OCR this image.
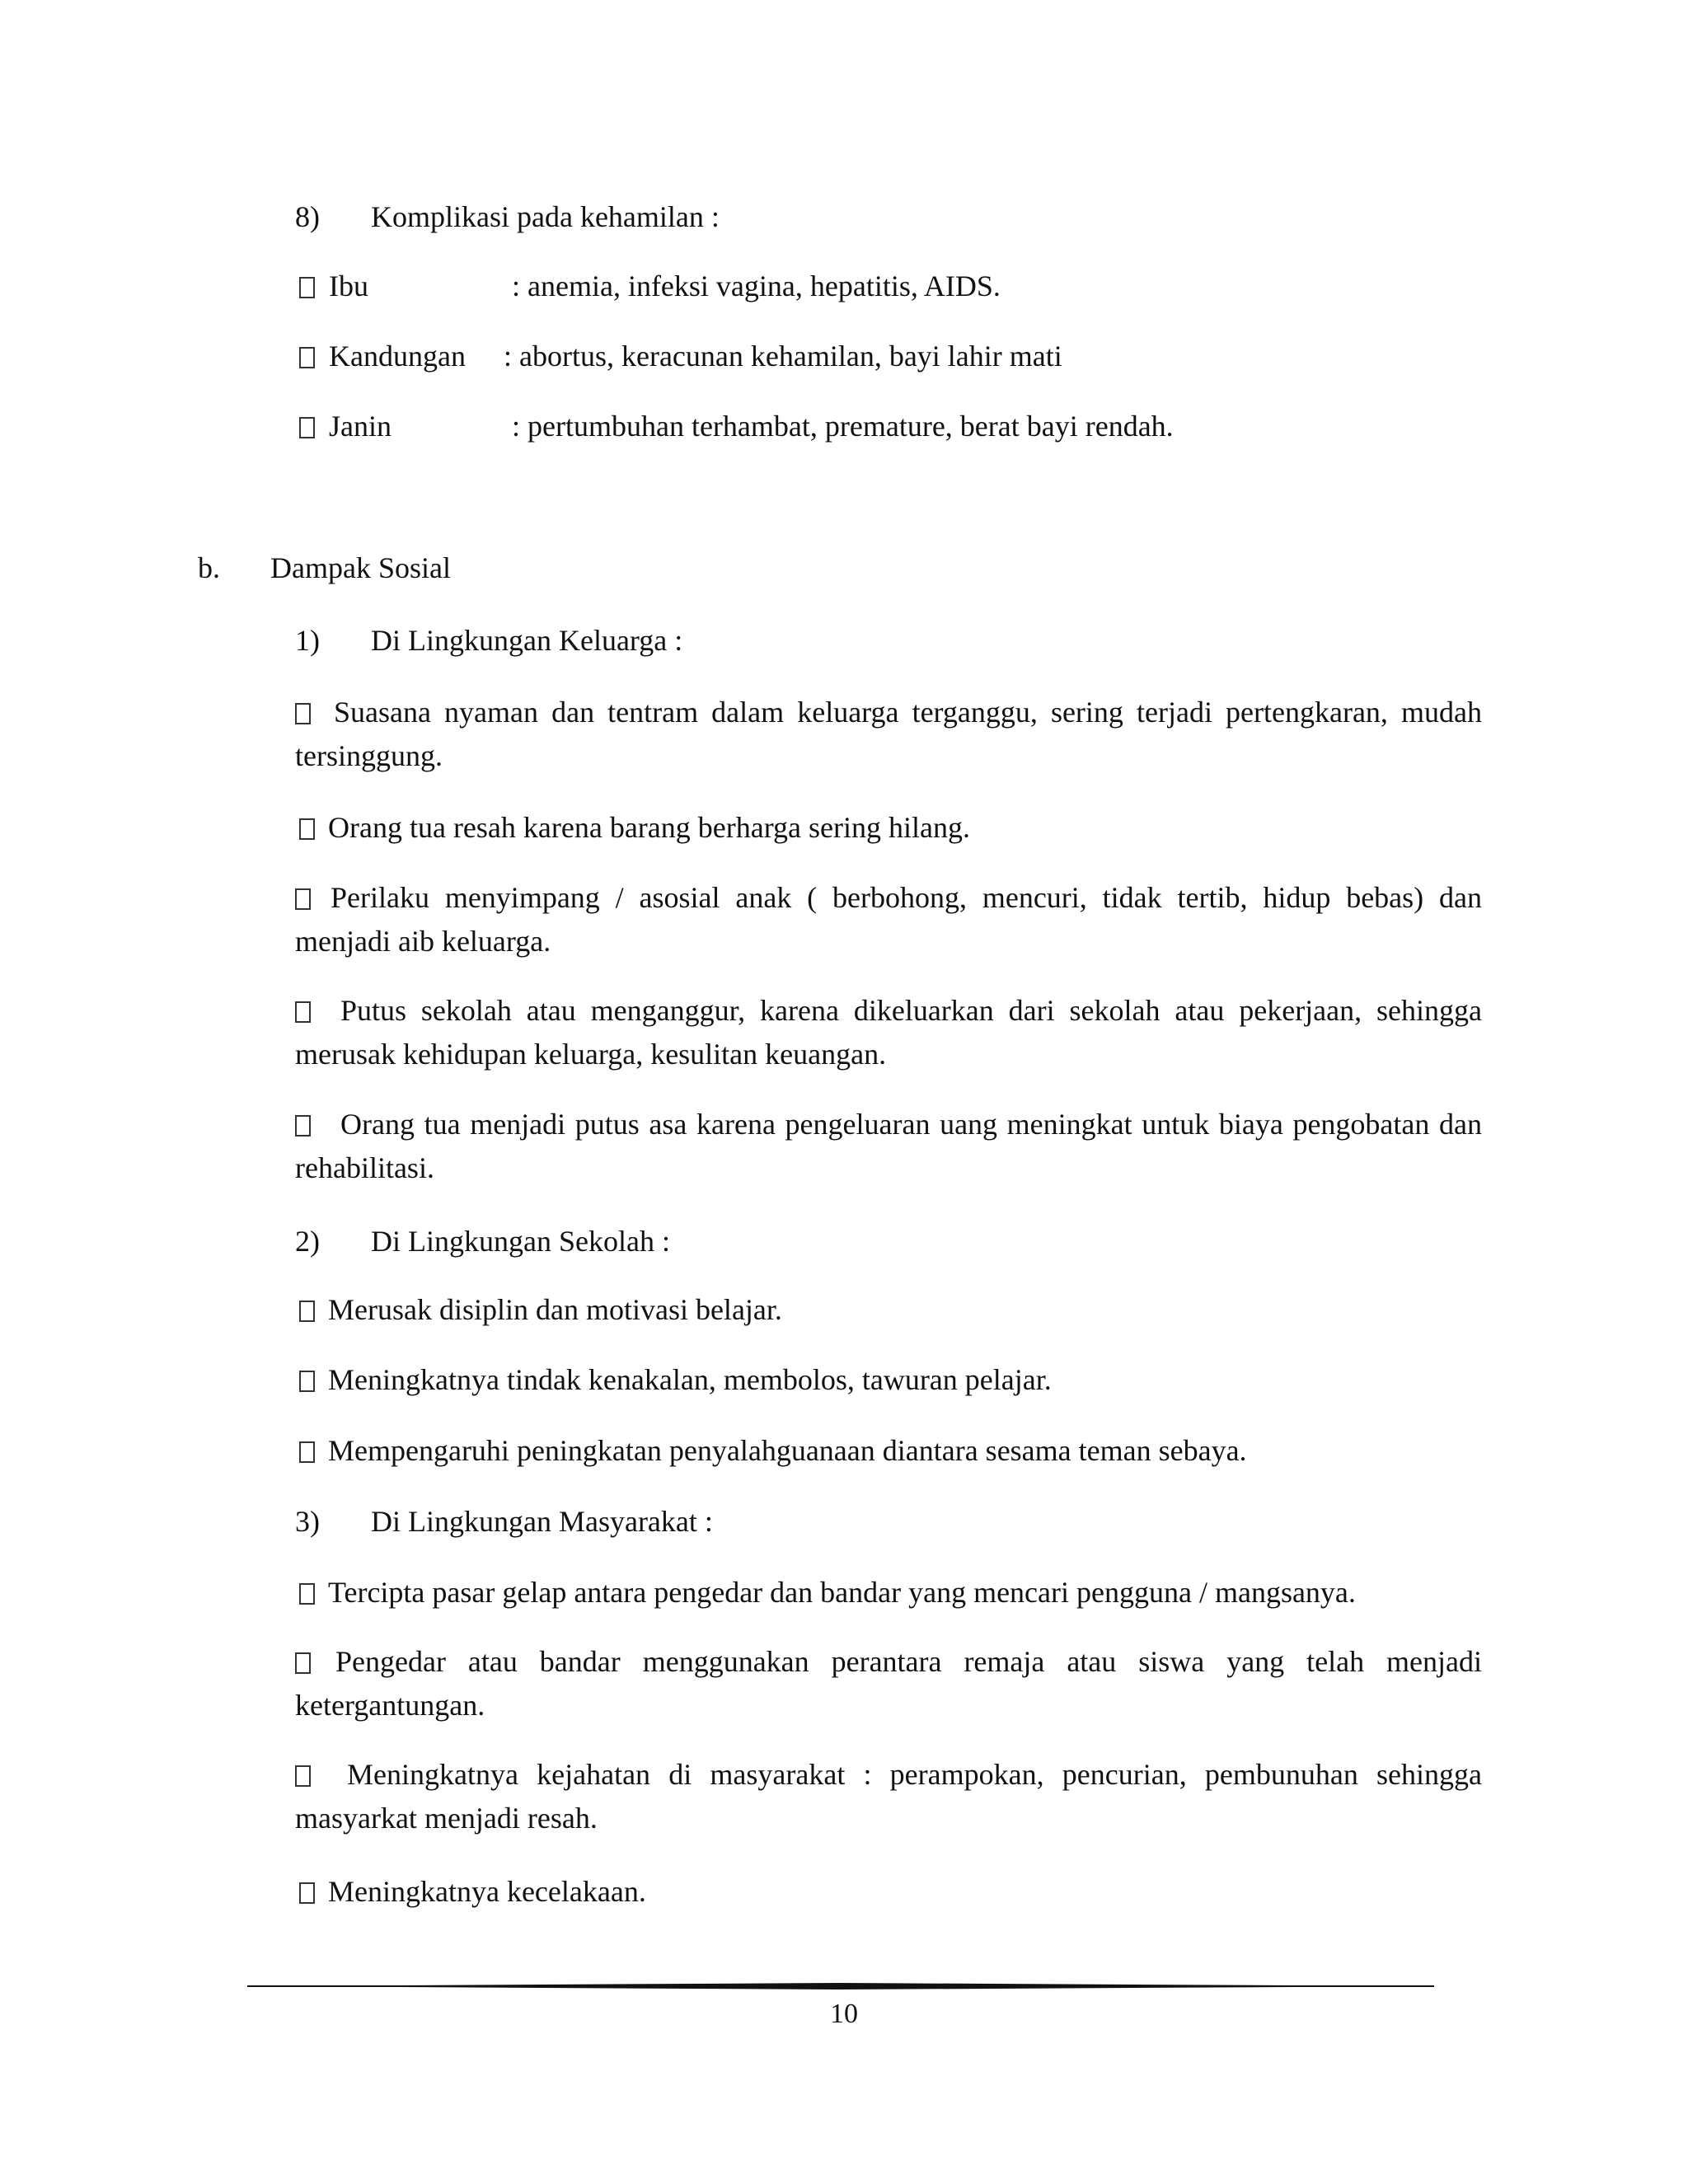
8) Komplikasi pada kehamilan :
Ibu	: anemia, infeksi vagina, hepatitis, AIDS.
Kandungan : abortus, keracunan kehamilan, bayi lahir mati
Janin	: pertumbuhan terhambat, premature, berat bayi rendah.
b. Dampak Sosial
1) Di Lingkungan Keluarga :
Suasana nyaman dan tentram dalam keluarga terganggu, sering terjadi pertengkaran, mudah tersinggung.
Orang tua resah karena barang berharga sering hilang.
Perilaku menyimpang / asosial anak ( berbohong, mencuri, tidak tertib, hidup bebas) dan menjadi aib keluarga.
Putus sekolah atau menganggur, karena dikeluarkan dari sekolah atau pekerjaan, sehingga merusak kehidupan keluarga, kesulitan keuangan.
Orang tua menjadi putus asa karena pengeluaran uang meningkat untuk biaya pengobatan dan rehabilitasi.
2) Di Lingkungan Sekolah :
Merusak disiplin dan motivasi belajar.
Meningkatnya tindak kenakalan, membolos, tawuran pelajar.
Mempengaruhi peningkatan penyalahguanaan diantara sesama teman sebaya.
3) Di Lingkungan Masyarakat :
Tercipta pasar gelap antara pengedar dan bandar yang mencari pengguna / mangsanya.
Pengedar atau bandar menggunakan perantara remaja atau siswa yang telah menjadi ketergantungan.
Meningkatnya kejahatan di masyarakat : perampokan, pencurian, pembunuhan sehingga masyarkat menjadi resah.
Meningkatnya kecelakaan.
10
